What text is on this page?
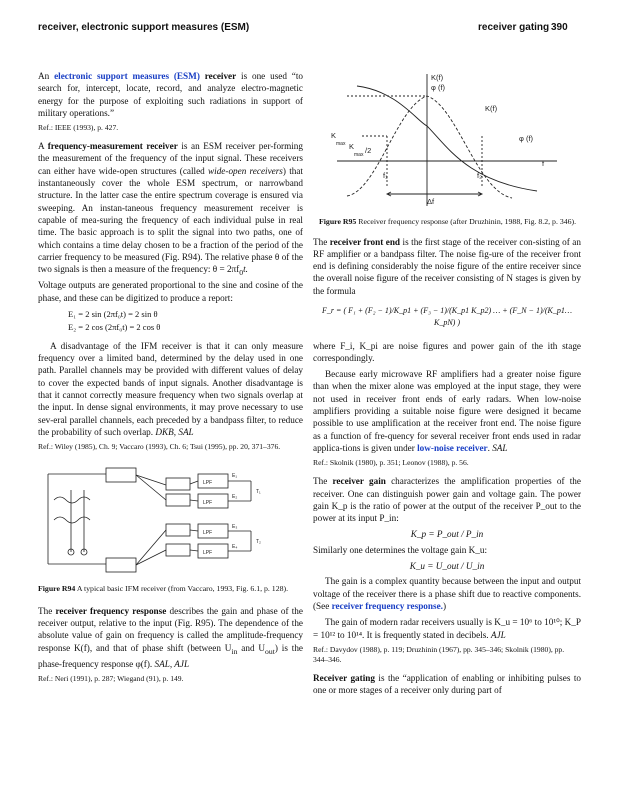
receiver, electronic support measures (ESM)	receiver gating 390

An electronic support measures (ESM) receiver is one used “to search for, intercept, locate, record, and analyze electro-magnetic energy for the purpose of exploiting such radiations in support of military operations.”

Ref.: IEEE (1993), p. 427.

A frequency-measurement receiver is an ESM receiver per-forming the measurement of the frequency of the input signal. These receivers can either have wide-open structures (called wide-open receivers) that instantaneously cover the whole ESM spectrum, or narrowband structure. In the latter case the entire spectrum coverage is ensured via sweeping. An instan-taneous frequency measurement receiver is capable of mea-suring the frequency of each individual pulse in real time. The basic approach is to split the signal into two paths, one of which contains a time delay chosen to be a fraction of the period of the carrier frequency to be measured (Fig. R94). The relative phase θ of the two signals is then a measure of the frequency: $\theta = 2\pi f_0t$.
Voltage outputs are generated proportional to the sine and cosine of the phase, and these can be digitized to produce a report:

E₁ = 2 sin (2πf₀t) = 2 sin θ
E₂ = 2 cos (2πf₀t) = 2 cos θ

A disadvantage of the IFM receiver is that it can only measure frequency over a limited band, determined by the delay used in one path. Parallel channels may be provided with different values of delay to cover the expected bands of input signals. Another disadvantage is that it cannot correctly measure frequency when two signals overlap at the input. In dense signal environments, it may prove necessary to use sev-eral parallel channels, each preceded by a bandpass filter, to reduce the probability of such overlap. DKB, SAL

Ref.: Wiley (1985), Ch. 9; Vaccaro (1993), Ch. 6; Tsui (1995), pp. 20, 371–376.
LPF
LPF
LPF
LPF
E₁
E₂
E₃
E₄
T₁
T₂

Figure R94 A typical basic IFM receiver (from Vaccaro, 1993, Fig. 6.1, p. 128).

The receiver frequency response describes the gain and phase of the receiver output, relative to the input (Fig. R95). The dependence of the absolute value of gain on frequency is called the amplitude-frequency response K(f), and that of phase shift (between $U_{in}$ and $U_{out}$) is the phase-frequency response φ(f). SAL, AJL

Ref.: Neri (1991), p. 287; Wiegand (91), p. 149.
K(f)
φ (f)
K(f)
φ (f)
K
max K
max /2
f₁	f₂
Δf
f

Figure R95 Receiver frequency response (after Druzhinin, 1988, Fig. 8.2, p. 346).

The receiver front end is the first stage of the receiver con-sisting of an RF amplifier or a bandpass filter. The noise fig-ure of the receiver front end is defining considerably the noise figure of the entire receiver since the overall noise figure of the receiver consisting of N stages is given by the formula

F_r = ( F₁ + (F₂ − 1)/K_p1 + (F₃ − 1)/(K_p1 K_p2) … + (F_N − 1)/(K_p1…K_pN) )

where F_i, K_pi are noise figures and power gain of the ith stage correspondingly.

Because early microwave RF amplifiers had a greater noise figure than when the mixer alone was employed at the input stage, they were not used in receiver front ends of early radars. When low-noise amplifiers providing a suitable noise figure were designed it became possible to use amplification at the receiver front end. The noise figure as a function of fre-quency for several receiver front ends used in radar applica-tions is given under low-noise receiver. SAL

Ref.: Skolnik (1980), p. 351; Leonov (1988), p. 56.

The receiver gain characterizes the amplification properties of the receiver. One can distinguish power gain and voltage gain. The power gain K_p is the ratio of power at the output of the receiver P_out to the power at its input P_in:

K_p = P_out / P_in

Similarly one determines the voltage gain K_u:

K_u = U_out / U_in

The gain is a complex quantity because between the input and output voltage of the receiver there is a phase shift due to reactive components. (See receiver frequency response.)

The gain of modern radar receivers usually is K_u = 10⁶ to 10¹⁰; K_P = 10¹² to 10¹⁴. It is frequently stated in decibels. AJL

Ref.: Davydov (1988), p. 119; Druzhinin (1967), pp. 345–346; Skolnik (1980), pp. 344–346.

Receiver gating is the “application of enabling or inhibiting pulses to one or more stages of a receiver only during part of
